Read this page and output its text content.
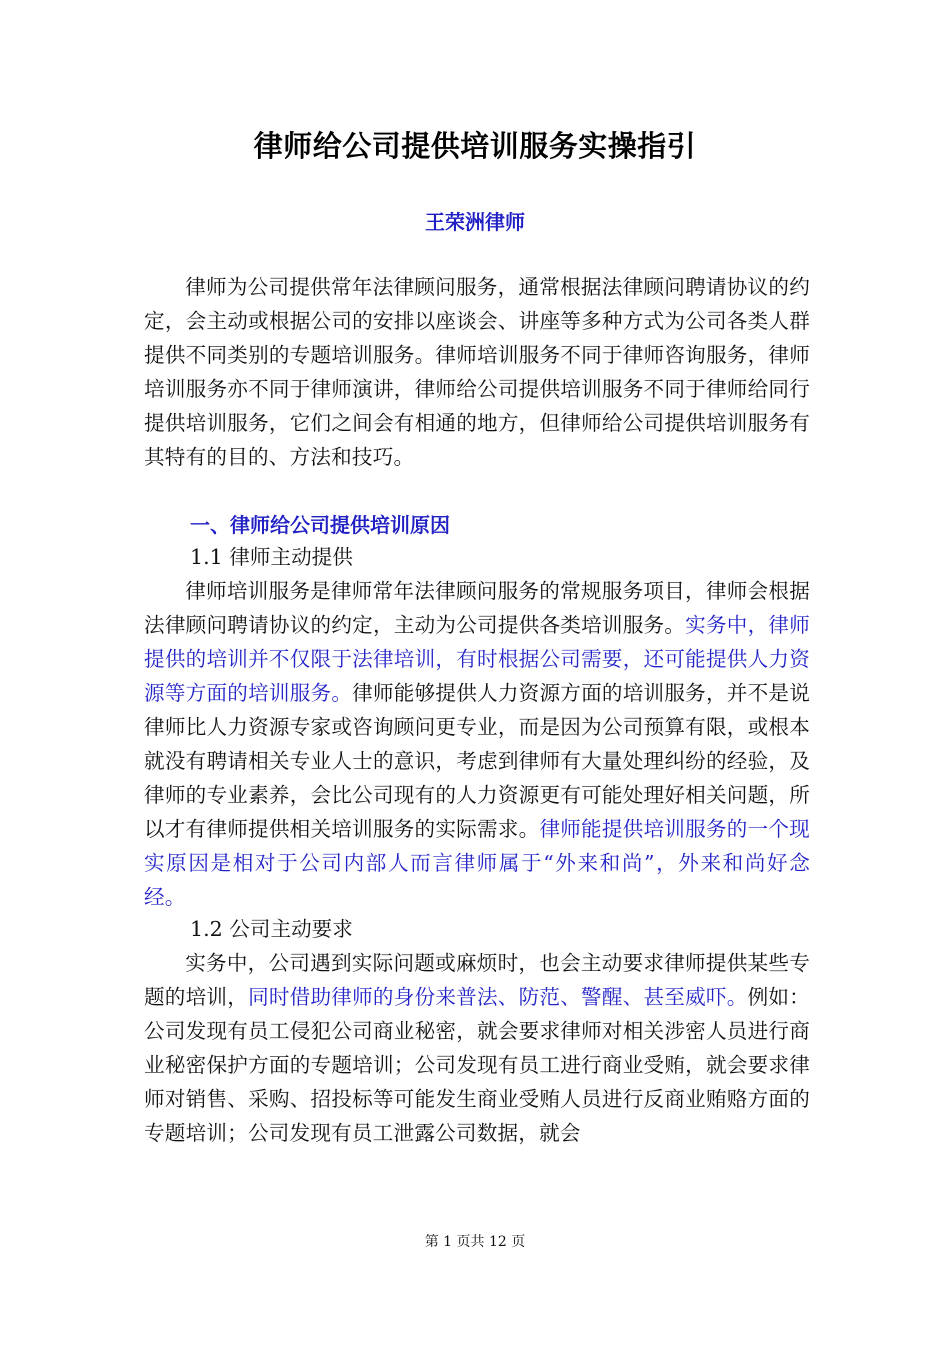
律师给公司提供培训服务实操指引
王荣洲律师

律师为公司提供常年法律顾问服务，通常根据法律顾问聘请协议的约定，会主动或根据公司的安排以座谈会、讲座等多种方式为公司各类人群提供不同类别的专题培训服务。律师培训服务不同于律师咨询服务，律师培训服务亦不同于律师演讲，律师给公司提供培训服务不同于律师给同行提供培训服务，它们之间会有相通的地方，但律师给公司提供培训服务有其特有的目的、方法和技巧。

一、律师给公司提供培训原因
1.1 律师主动提供

律师培训服务是律师常年法律顾问服务的常规服务项目，律师会根据法律顾问聘请协议的约定，主动为公司提供各类培训服务。实务中，律师提供的培训并不仅限于法律培训，有时根据公司需要，还可能提供人力资源等方面的培训服务。律师能够提供人力资源方面的培训服务，并不是说律师比人力资源专家或咨询顾问更专业，而是因为公司预算有限，或根本就没有聘请相关专业人士的意识，考虑到律师有大量处理纠纷的经验，及律师的专业素养，会比公司现有的人力资源更有可能处理好相关问题，所以才有律师提供相关培训服务的实际需求。律师能提供培训服务的一个现实原因是相对于公司内部人而言律师属于“外来和尚”，外来和尚好念经。

1.2 公司主动要求

实务中，公司遇到实际问题或麻烦时，也会主动要求律师提供某些专题的培训，同时借助律师的身份来普法、防范、警醒、甚至威吓。例如：公司发现有员工侵犯公司商业秘密，就会要求律师对相关涉密人员进行商业秘密保护方面的专题培训；公司发现有员工进行商业受贿，就会要求律师对销售、采购、招投标等可能发生商业受贿人员进行反商业贿赂方面的专题培训；公司发现有员工泄露公司数据，就会

第 1 页共 12 页
